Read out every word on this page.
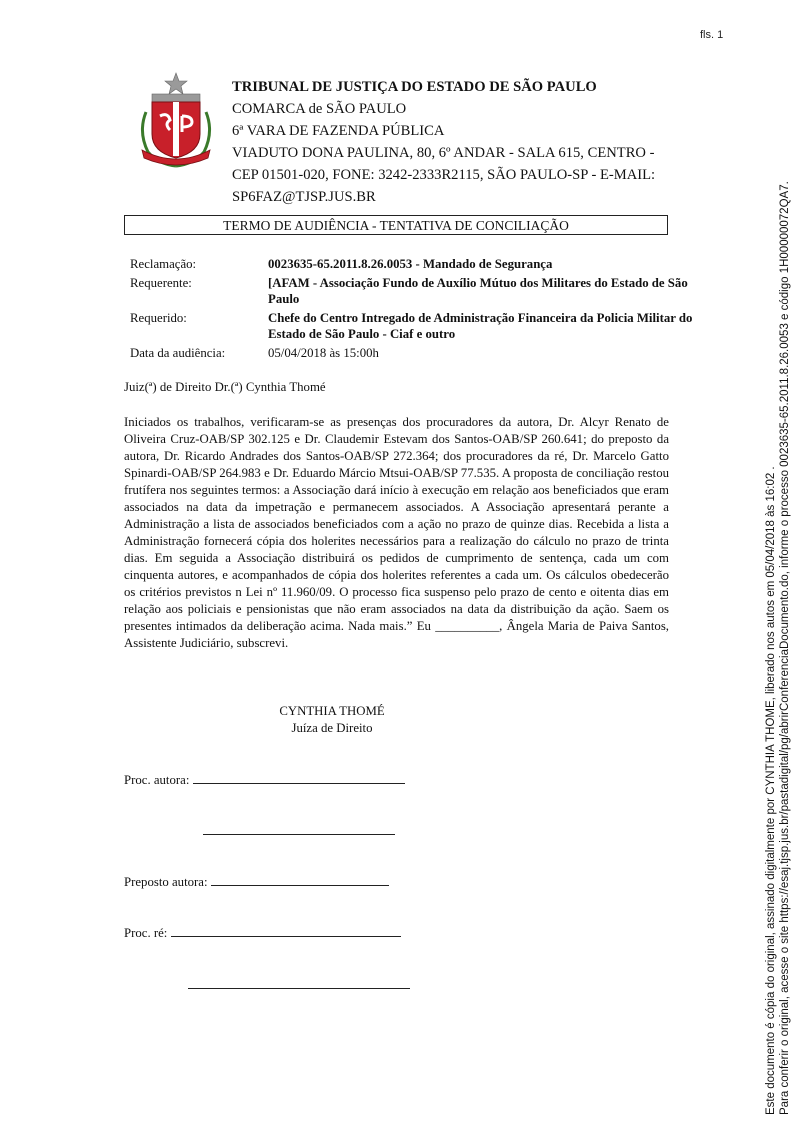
fls. 1
TRIBUNAL DE JUSTIÇA DO ESTADO DE SÃO PAULO
COMARCA de SÃO PAULO
6ª VARA DE FAZENDA PÚBLICA
VIADUTO DONA PAULINA, 80, 6º ANDAR - SALA 615, CENTRO -
CEP 01501-020, FONE: 3242-2333R2115, SÃO PAULO-SP - E-MAIL:
SP6FAZ@TJSP.JUS.BR
TERMO DE AUDIÊNCIA - TENTATIVA DE CONCILIAÇÃO
Reclamação:	0023635-65.2011.8.26.0053 - Mandado de Segurança
Requerente:	[AFAM - Associação Fundo de Auxílio Mútuo dos Militares do Estado de São Paulo
Requerido:	Chefe do Centro Intregado de Administração Financeira da Policia Militar do Estado de São Paulo - Ciaf e outro
Data da audiência:	05/04/2018 às 15:00h
Juiz(ª) de Direito Dr.(ª) Cynthia Thomé
Iniciados os trabalhos, verificaram-se as presenças dos procuradores da autora, Dr. Alcyr Renato de Oliveira Cruz-OAB/SP 302.125 e Dr. Claudemir Estevam dos Santos-OAB/SP 260.641; do preposto da autora, Dr. Ricardo Andrades dos Santos-OAB/SP 272.364; dos procuradores da ré, Dr. Marcelo Gatto Spinardi-OAB/SP 264.983 e Dr. Eduardo Márcio Mtsui-OAB/SP 77.535. A proposta de conciliação restou frutífera nos seguintes termos: a Associação dará início à execução em relação aos beneficiados que eram associados na data da impetração e permanecem associados. A Associação apresentará perante a Administração a lista de associados beneficiados com a ação no prazo de quinze dias. Recebida a lista a Administração fornecerá cópia dos holerites necessários para a realização do cálculo no prazo de trinta dias. Em seguida a Associação distribuirá os pedidos de cumprimento de sentença, cada um com cinquenta autores, e acompanhados de cópia dos holerites referentes a cada um. Os cálculos obedecerão os critérios previstos n Lei nº 11.960/09. O processo fica suspenso pelo prazo de cento e oitenta dias em relação aos policiais e pensionistas que não eram associados na data da distribuição da ação. Saem os presentes intimados da deliberação acima. Nada mais.” Eu __________, Ângela Maria de Paiva Santos, Assistente Judiciário, subscrevi.
CYNTHIA THOMÉ
Juíza de Direito
Proc. autora:
Preposto autora:
Proc. ré:	Este documento é cópia do original, assinado digitalmente por CYNTHIA THOME, liberado nos autos em 05/04/2018 às 16:02 . Para conferir o original, acesse o site https://esaj.tjsp.jus.br/pastadigital/pg/abrirConferenciaDocumento.do, informe o processo 0023635-65.2011.8.26.0053 e código 1H00000072QA7.
